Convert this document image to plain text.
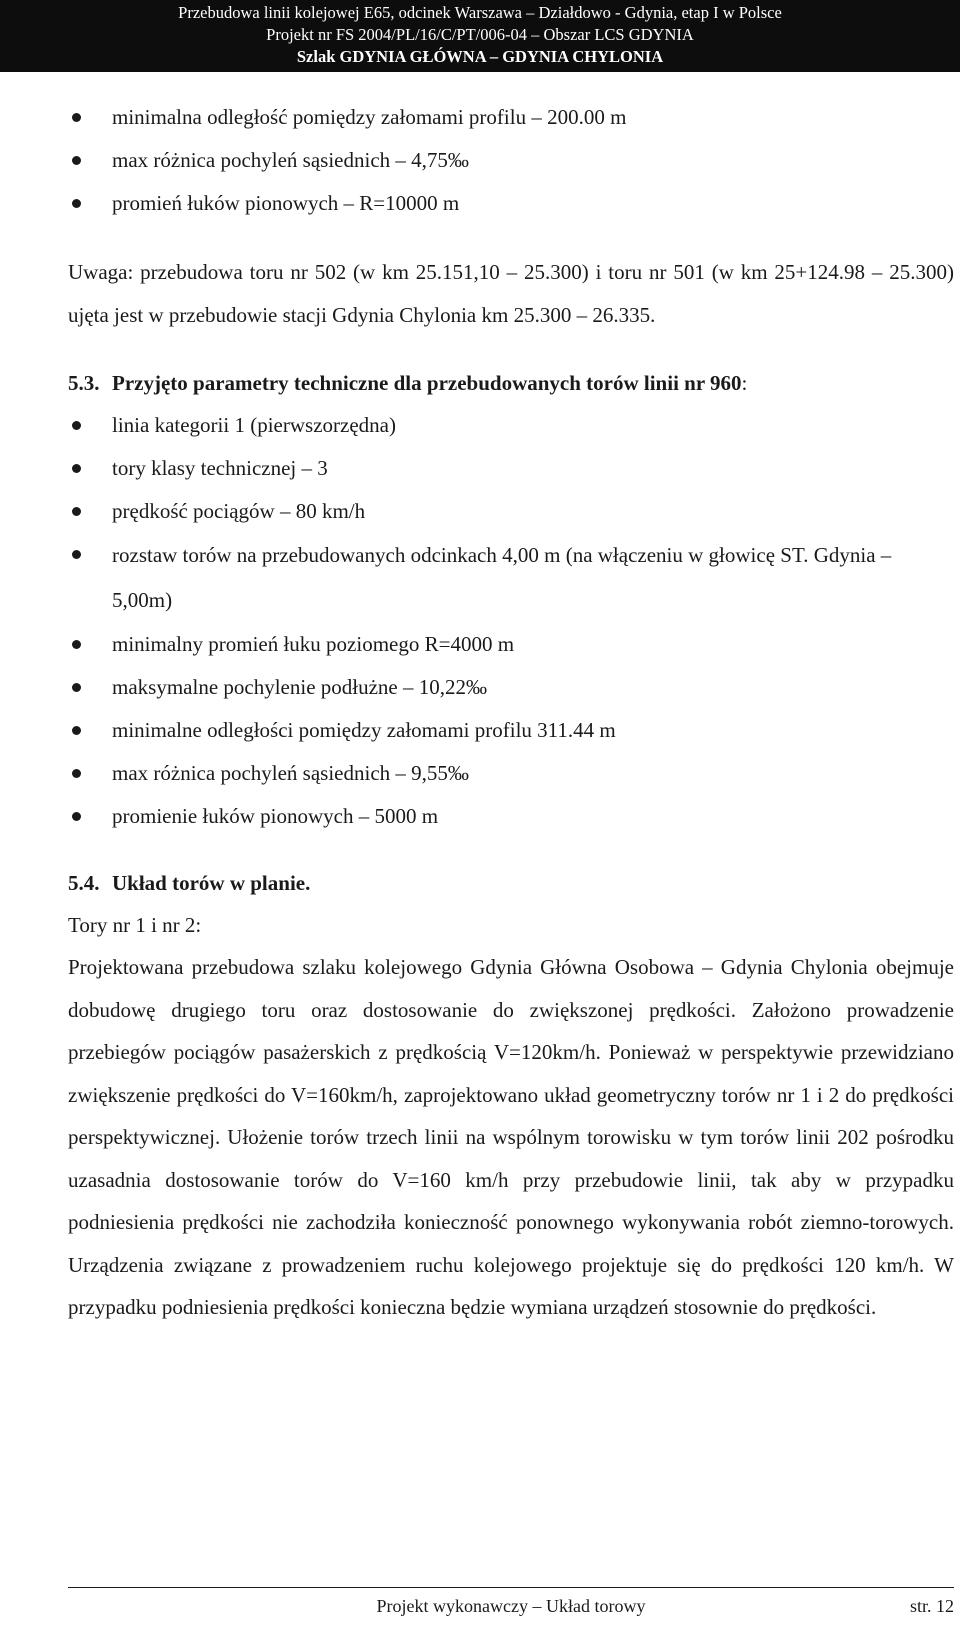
Przebudowa linii kolejowej E65, odcinek Warszawa – Działdowo - Gdynia, etap I w Polsce
Projekt nr FS 2004/PL/16/C/PT/006-04 – Obszar LCS GDYNIA
Szlak GDYNIA GŁÓWNA – GDYNIA CHYLONIA
minimalna odległość pomiędzy załomami profilu – 200.00 m
max różnica pochyleń sąsiednich – 4,75‰
promień łuków pionowych – R=10000 m

Uwaga: przebudowa toru nr 502 (w km 25.151,10 – 25.300) i toru nr 501 (w km 25+124.98 – 25.300) ujęta jest w przebudowie stacji Gdynia Chylonia km 25.300 – 26.335.

5.3. Przyjęto parametry techniczne dla przebudowanych torów linii nr 960:

linia kategorii 1 (pierwszorzędna)
tory klasy technicznej – 3
prędkość pociągów – 80 km/h
rozstaw torów na przebudowanych odcinkach 4,00 m (na włączeniu w głowicę ST. Gdynia – 5,00m)
minimalny promień łuku poziomego R=4000 m
maksymalne pochylenie podłużne – 10,22‰
minimalne odległości pomiędzy załomami profilu 311.44 m
max różnica pochyleń sąsiednich – 9,55‰
promienie łuków pionowych – 5000 m

5.4. Układ torów w planie.

Tory nr 1 i nr 2:

Projektowana przebudowa szlaku kolejowego Gdynia Główna Osobowa – Gdynia Chylonia obejmuje dobudowę drugiego toru oraz dostosowanie do zwiększonej prędkości. Założono prowadzenie przebiegów pociągów pasażerskich z prędkością V=120km/h. Ponieważ w perspektywie przewidziano zwiększenie prędkości do V=160km/h, zaprojektowano układ geometryczny torów nr 1 i 2 do prędkości perspektywicznej. Ułożenie torów trzech linii na wspólnym torowisku w tym torów linii 202 pośrodku uzasadnia dostosowanie torów do V=160 km/h przy przebudowie linii, tak aby w przypadku podniesienia prędkości nie zachodziła konieczność ponownego wykonywania robót ziemno-torowych. Urządzenia związane z prowadzeniem ruchu kolejowego projektuje się do prędkości 120 km/h. W przypadku podniesienia prędkości konieczna będzie wymiana urządzeń stosownie do prędkości.

Projekt wykonawczy – Układ torowy	str. 12
